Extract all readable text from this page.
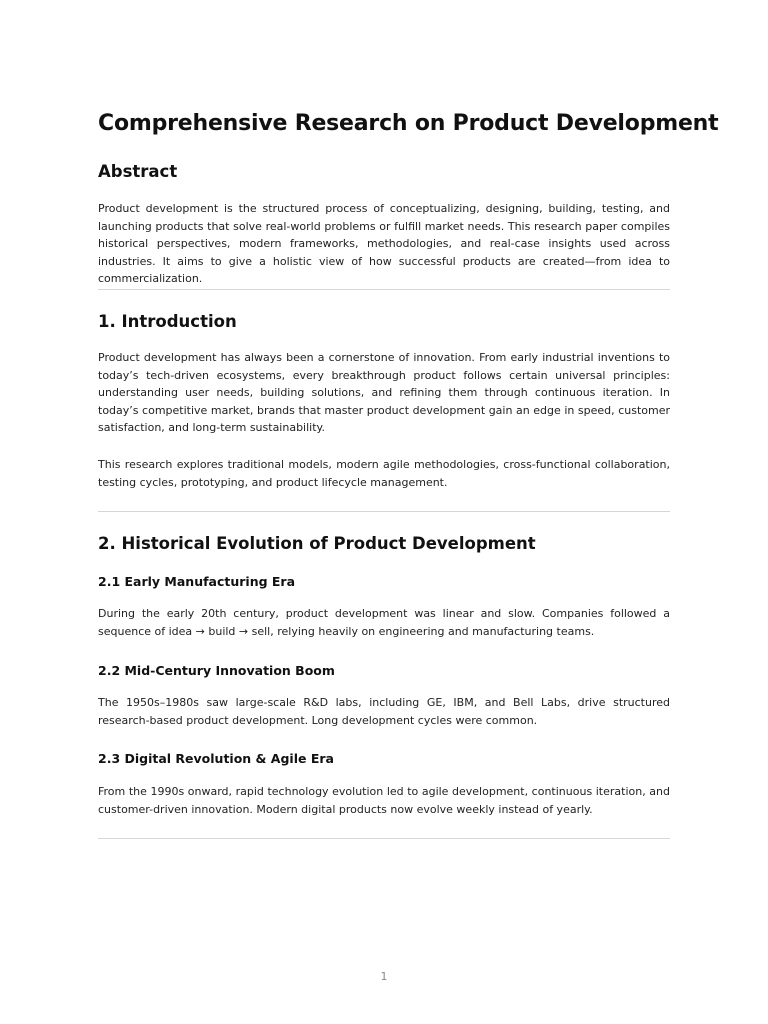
Comprehensive Research on Product Development
Abstract

Product development is the structured process of conceptualizing, designing, building, testing, and launching products that solve real-world problems or fulfill market needs. This research paper compiles historical perspectives, modern frameworks, methodologies, and real-case insights used across industries. It aims to give a holistic view of how successful products are created—from idea to commercialization.

1. Introduction

Product development has always been a cornerstone of innovation. From early industrial inventions to today’s tech-driven ecosystems, every breakthrough product follows certain universal principles: understanding user needs, building solutions, and refining them through continuous iteration. In today’s competitive market, brands that master product development gain an edge in speed, customer satisfaction, and long-term sustainability.

This research explores traditional models, modern agile methodologies, cross-functional collaboration, testing cycles, prototyping, and product lifecycle management.

2. Historical Evolution of Product Development
2.1 Early Manufacturing Era

During the early 20th century, product development was linear and slow. Companies followed a sequence of idea → build → sell, relying heavily on engineering and manufacturing teams.

2.2 Mid-Century Innovation Boom

The 1950s–1980s saw large-scale R&D labs, including GE, IBM, and Bell Labs, drive structured research-based product development. Long development cycles were common.

2.3 Digital Revolution & Agile Era

From the 1990s onward, rapid technology evolution led to agile development, continuous iteration, and customer-driven innovation. Modern digital products now evolve weekly instead of yearly.

1
